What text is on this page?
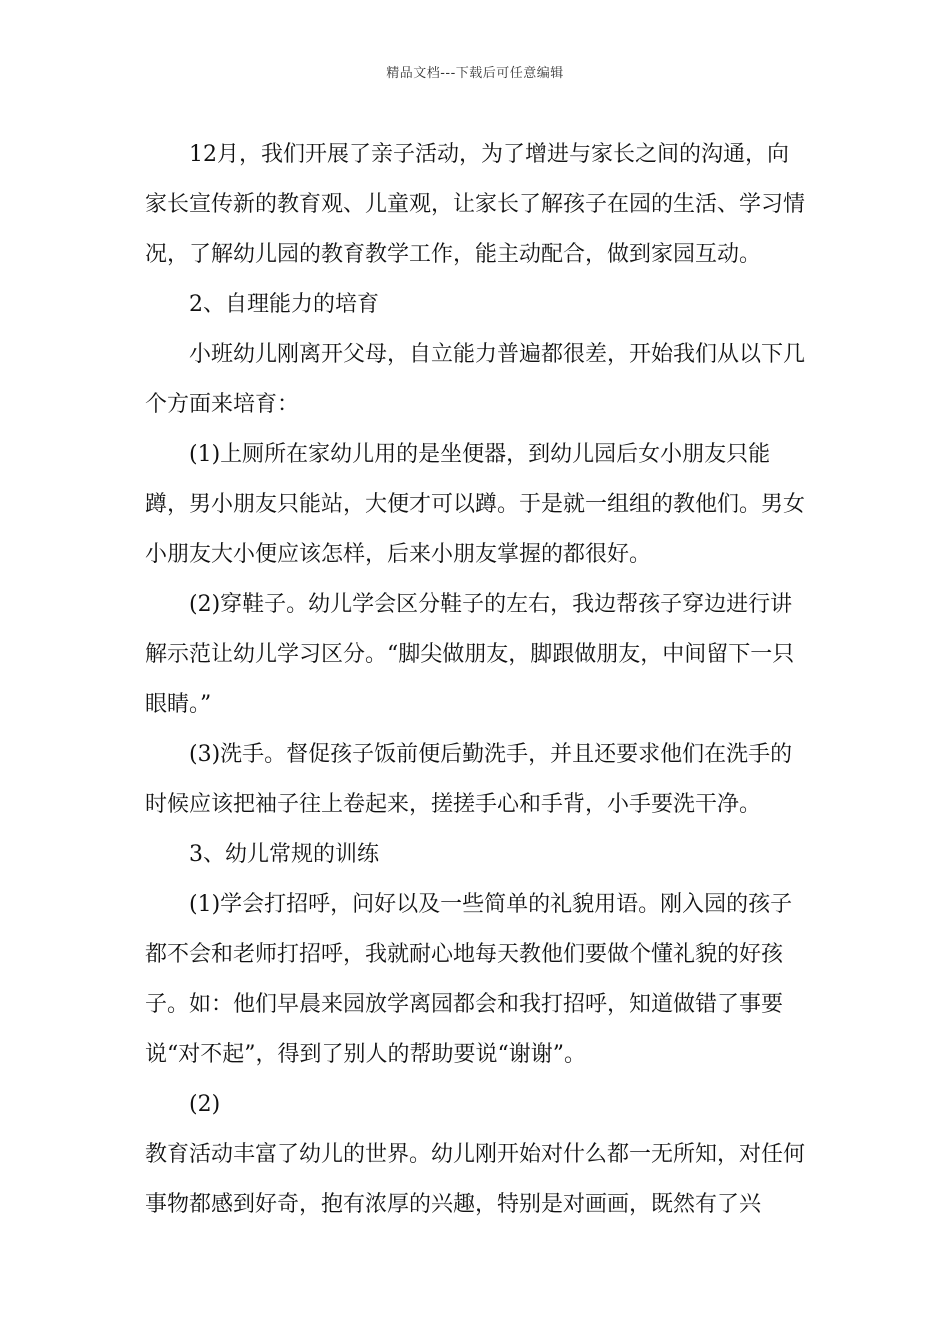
精品文档---下载后可任意编辑

12月，我们开展了亲子活动，为了增进与家长之间的沟通，向家长宣传新的教育观、儿童观，让家长了解孩子在园的生活、学习情况，了解幼儿园的教育教学工作，能主动配合，做到家园互动。

2、自理能力的培育

小班幼儿刚离开父母，自立能力普遍都很差，开始我们从以下几个方面来培育：

(1)上厕所在家幼儿用的是坐便器，到幼儿园后女小朋友只能蹲，男小朋友只能站，大便才可以蹲。于是就一组组的教他们。男女小朋友大小便应该怎样，后来小朋友掌握的都很好。

(2)穿鞋子。幼儿学会区分鞋子的左右，我边帮孩子穿边进行讲解示范让幼儿学习区分。“脚尖做朋友，脚跟做朋友，中间留下一只眼睛。”

(3)洗手。督促孩子饭前便后勤洗手，并且还要求他们在洗手的时候应该把袖子往上卷起来，搓搓手心和手背，小手要洗干净。

3、幼儿常规的训练

(1)学会打招呼，问好以及一些简单的礼貌用语。刚入园的孩子都不会和老师打招呼，我就耐心地每天教他们要做个懂礼貌的好孩子。如：他们早晨来园放学离园都会和我打招呼，知道做错了事要说“对不起”，得到了别人的帮助要说“谢谢”。

(2)

教育活动丰富了幼儿的世界。幼儿刚开始对什么都一无所知，对任何事物都感到好奇，抱有浓厚的兴趣，特别是对画画，既然有了兴
